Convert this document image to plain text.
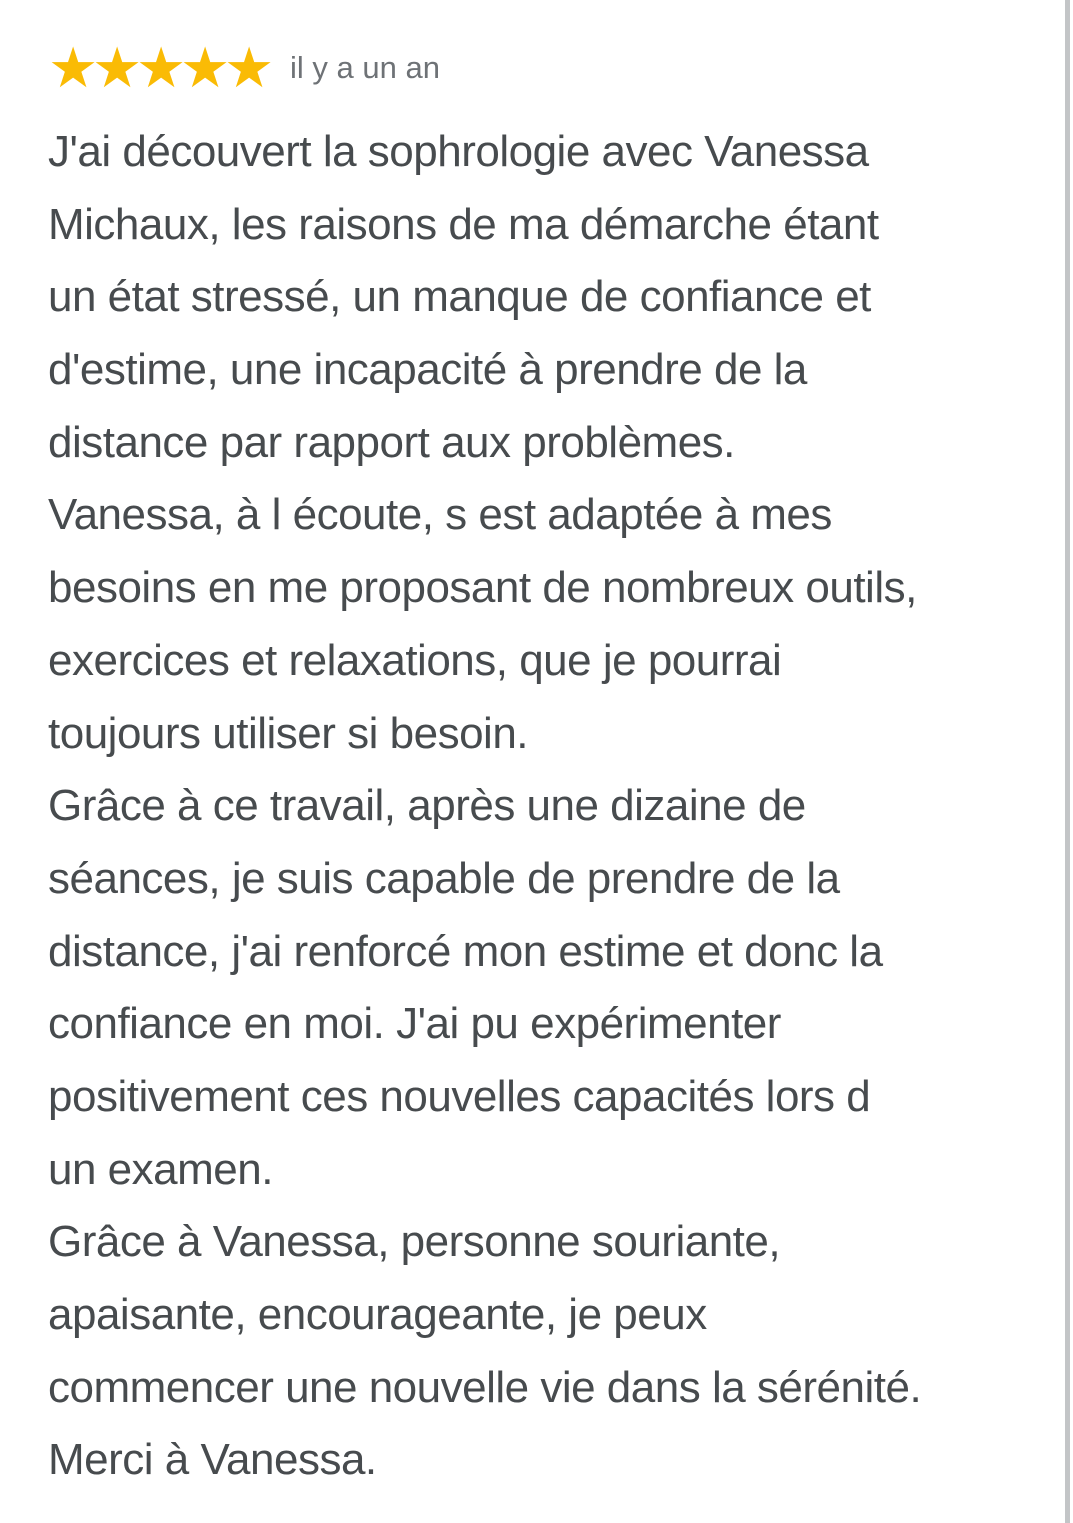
★
★
★
★
★ il y a un an
J'ai découvert la sophrologie avec Vanessa
Michaux, les raisons de ma démarche étant
un état stressé, un manque de confiance et
d'estime, une incapacité à prendre de la
distance par rapport aux problèmes.
Vanessa, à l écoute, s est adaptée à mes
besoins en me proposant de nombreux outils,
exercices et relaxations, que je pourrai
toujours utiliser si besoin.
Grâce à ce travail, après une dizaine de
séances, je suis capable de prendre de la
distance, j'ai renforcé mon estime et donc la
confiance en moi. J'ai pu expérimenter
positivement ces nouvelles capacités lors d
un examen.
Grâce à Vanessa, personne souriante,
apaisante, encourageante, je peux
commencer une nouvelle vie dans la sérénité.
Merci à Vanessa.
